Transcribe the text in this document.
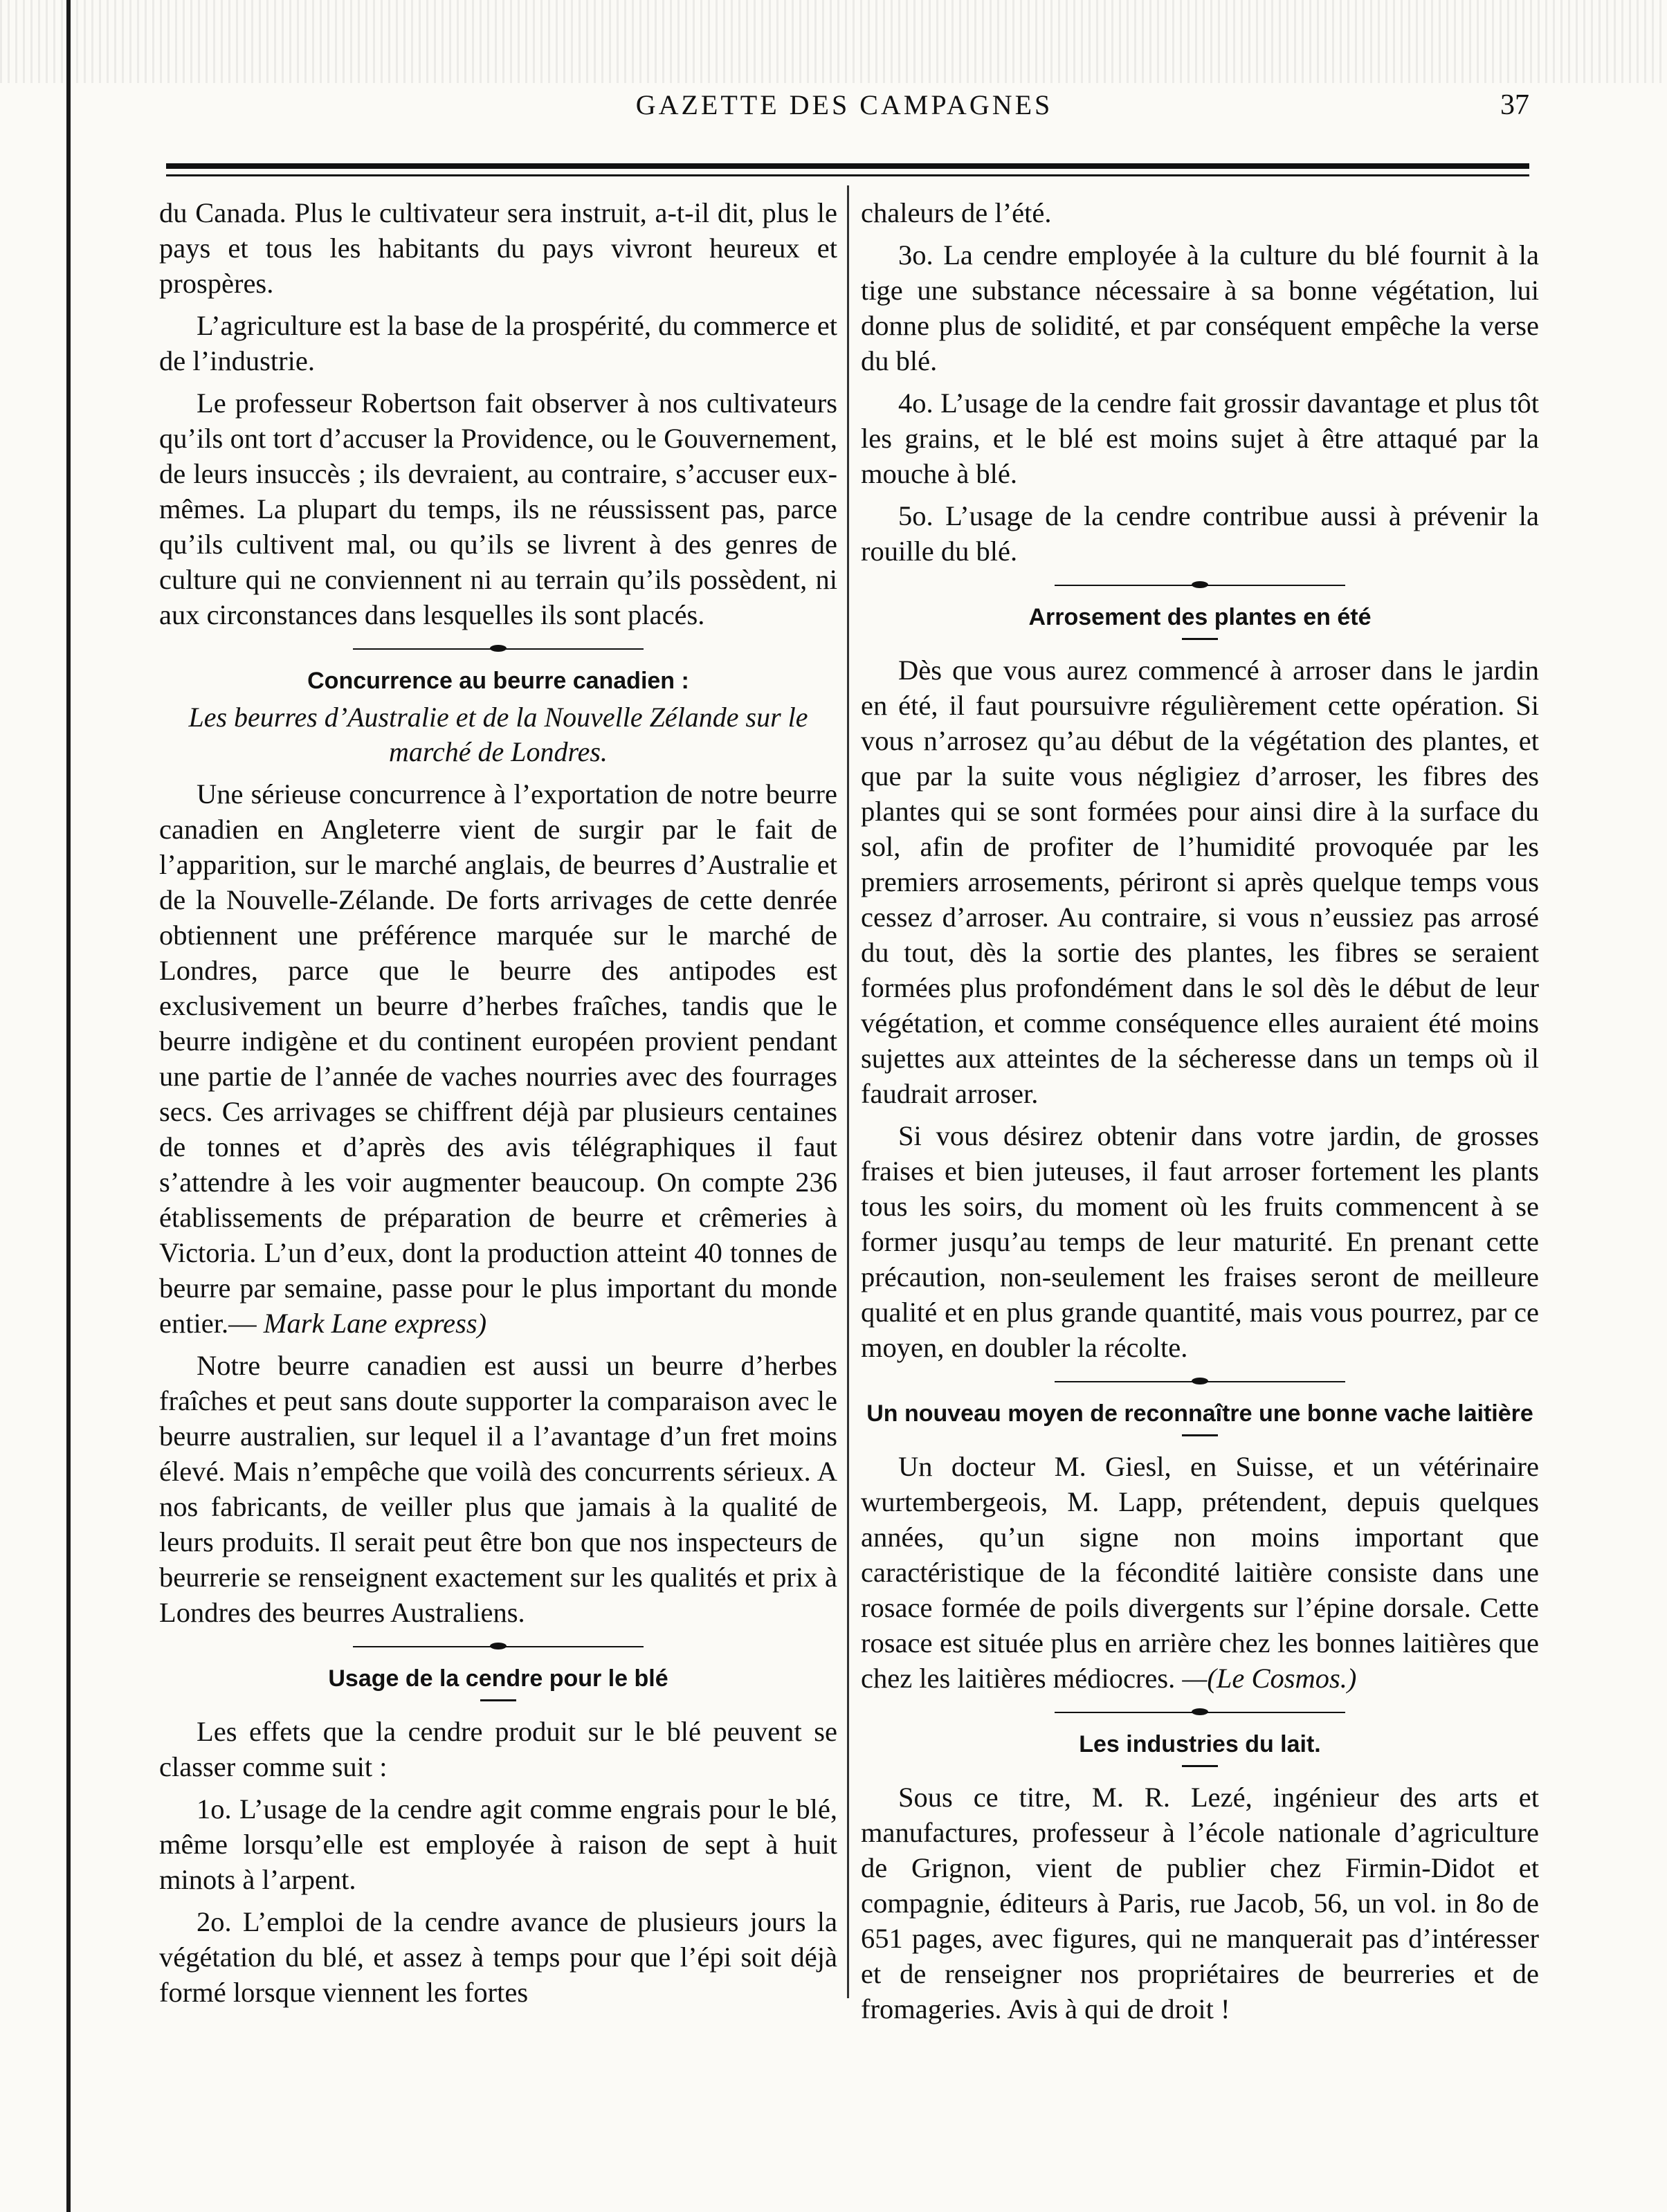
GAZETTE DES CAMPAGNES	37

du Canada. Plus le cultivateur sera instruit, a-t-il dit, plus le pays et tous les habitants du pays vivront heureux et prospères.

L’agriculture est la base de la prospérité, du commerce et de l’industrie.

Le professeur Robertson fait observer à nos cultivateurs qu’ils ont tort d’accuser la Providence, ou le Gouvernement, de leurs insuccès ; ils devraient, au contraire, s’accuser eux-mêmes. La plupart du temps, ils ne réussissent pas, parce qu’ils cultivent mal, ou qu’ils se livrent à des genres de culture qui ne conviennent ni au terrain qu’ils possèdent, ni aux circonstances dans lesquelles ils sont placés.

Concurrence au beurre canadien :
Les beurres d’Australie et de la Nouvelle Zélande sur le marché de Londres.

Une sérieuse concurrence à l’exportation de notre beurre canadien en Angleterre vient de surgir par le fait de l’apparition, sur le marché anglais, de beurres d’Australie et de la Nouvelle-Zélande. De forts arrivages de cette denrée obtiennent une préférence marquée sur le marché de Londres, parce que le beurre des antipodes est exclusivement un beurre d’herbes fraîches, tandis que le beurre indigène et du continent européen provient pendant une partie de l’année de vaches nourries avec des fourrages secs. Ces arrivages se chiffrent déjà par plusieurs centaines de tonnes et d’après des avis télégraphiques il faut s’attendre à les voir augmenter beaucoup. On compte 236 établissements de préparation de beurre et crêmeries à Victoria. L’un d’eux, dont la production atteint 40 tonnes de beurre par semaine, passe pour le plus important du monde entier.— Mark Lane express)

Notre beurre canadien est aussi un beurre d’herbes fraîches et peut sans doute supporter la comparaison avec le beurre australien, sur lequel il a l’avantage d’un fret moins élevé. Mais n’empêche que voilà des concurrents sérieux. A nos fabricants, de veiller plus que jamais à la qualité de leurs produits. Il serait peut être bon que nos inspecteurs de beurrerie se renseignent exactement sur les qualités et prix à Londres des beurres Australiens.

Usage de la cendre pour le blé

Les effets que la cendre produit sur le blé peuvent se classer comme suit :

1o. L’usage de la cendre agit comme engrais pour le blé, même lorsqu’elle est employée à raison de sept à huit minots à l’arpent.

2o. L’emploi de la cendre avance de plusieurs jours la végétation du blé, et assez à temps pour que l’épi soit déjà formé lorsque viennent les fortes

chaleurs de l’été.

3o. La cendre employée à la culture du blé fournit à la tige une substance nécessaire à sa bonne végétation, lui donne plus de solidité, et par conséquent empêche la verse du blé.

4o. L’usage de la cendre fait grossir davantage et plus tôt les grains, et le blé est moins sujet à être attaqué par la mouche à blé.

5o. L’usage de la cendre contribue aussi à prévenir la rouille du blé.

Arrosement des plantes en été

Dès que vous aurez commencé à arroser dans le jardin en été, il faut poursuivre régulièrement cette opération. Si vous n’arrosez qu’au début de la végétation des plantes, et que par la suite vous négligiez d’arroser, les fibres des plantes qui se sont formées pour ainsi dire à la surface du sol, afin de profiter de l’humidité provoquée par les premiers arrosements, périront si après quelque temps vous cessez d’arroser. Au contraire, si vous n’eussiez pas arrosé du tout, dès la sortie des plantes, les fibres se seraient formées plus profondément dans le sol dès le début de leur végétation, et comme conséquence elles auraient été moins sujettes aux atteintes de la sécheresse dans un temps où il faudrait arroser.

Si vous désirez obtenir dans votre jardin, de grosses fraises et bien juteuses, il faut arroser fortement les plants tous les soirs, du moment où les fruits commencent à se former jusqu’au temps de leur maturité. En prenant cette précaution, non-seulement les fraises seront de meilleure qualité et en plus grande quantité, mais vous pourrez, par ce moyen, en doubler la récolte.

Un nouveau moyen de reconnaître une bonne vache laitière

Un docteur M. Giesl, en Suisse, et un vétérinaire wurtembergeois, M. Lapp, prétendent, depuis quelques années, qu’un signe non moins important que caractéristique de la fécondité laitière consiste dans une rosace formée de poils divergents sur l’épine dorsale. Cette rosace est située plus en arrière chez les bonnes laitières que chez les laitières médiocres. —(Le Cosmos.)

Les industries du lait.

Sous ce titre, M. R. Lezé, ingénieur des arts et manufactures, professeur à l’école nationale d’agriculture de Grignon, vient de publier chez Firmin-Didot et compagnie, éditeurs à Paris, rue Jacob, 56, un vol. in 8o de 651 pages, avec figures, qui ne manquerait pas d’intéresser et de renseigner nos propriétaires de beurreries et de fromageries. Avis à qui de droit !
